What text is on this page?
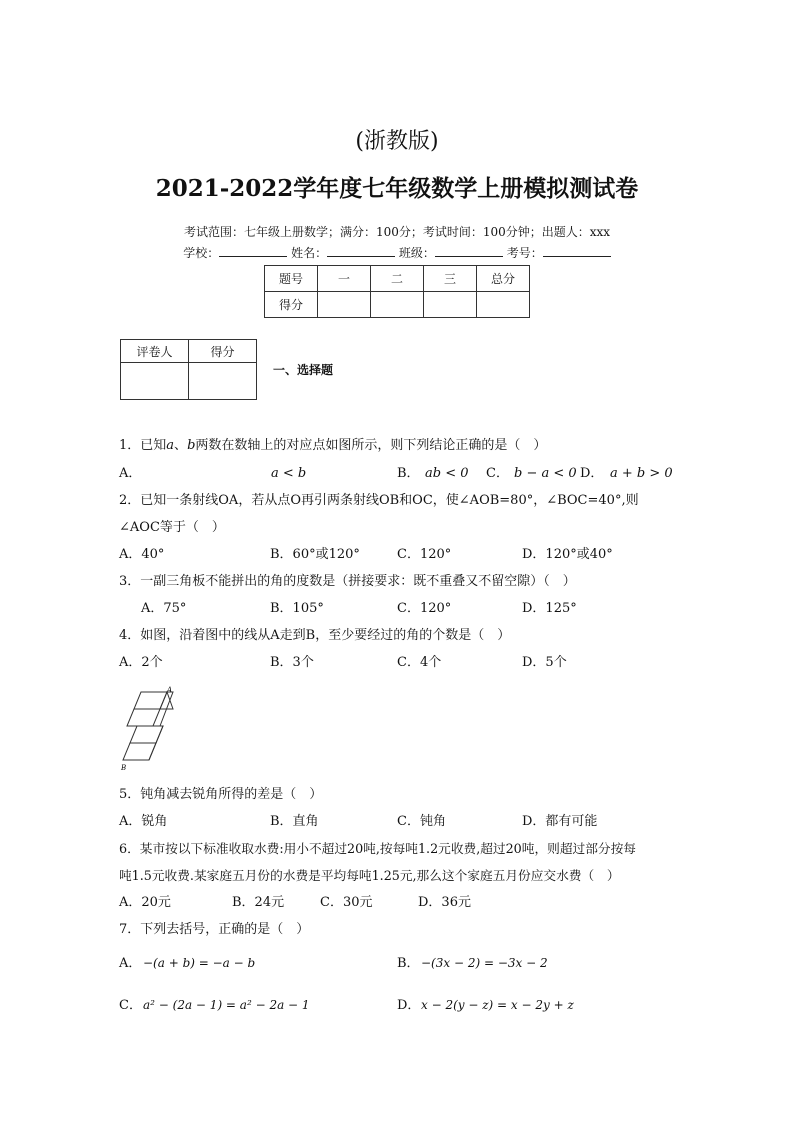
(浙教版)
2021-2022学年度七年级数学上册模拟测试卷
考试范围：七年级上册数学；满分：100分；考试时间：100分钟；出题人：xxx
学校：	姓名：	班级：	考号：
题号	一	二	三	总分
得分				
评卷人	得分

一、选择题
1．已知a、b两数在数轴上的对应点如图所示，则下列结论正确的是（　）
A．	a < b	B． ab < 0 C． b − a < 0 D． a + b > 0
2．已知一条射线OA，若从点O再引两条射线OB和OC，使∠AOB=80°，∠BOC=40°,则
∠AOC等于（　）
A．40°	B．60°或120°	C．120°	D．120°或40°
3．一副三角板不能拼出的角的度数是（拼接要求：既不重叠又不留空隙）（　）
A．75°	B．105°	C．120°	D．125°
4．如图，沿着图中的线从A走到B，至少要经过的角的个数是（　）
A．2个	B．3个	C．4个	D．5个
A
B
5．钝角减去锐角所得的差是（　）
A．锐角	B．直角	C．钝角	D．都有可能
6．某市按以下标准收取水费:用小不超过20吨,按每吨1.2元收费,超过20吨，则超过部分按每
吨1.5元收费.某家庭五月份的水费是平均每吨1.25元,那么这个家庭五月份应交水费（　）
A．20元	B．24元	C．30元	D．36元
7．下列去括号，正确的是（　）
A． −(a + b) = −a − b	B． −(3x − 2) = −3x − 2
C． a² − (2a − 1) = a² − 2a − 1	D． x − 2(y − z) = x − 2y + z
